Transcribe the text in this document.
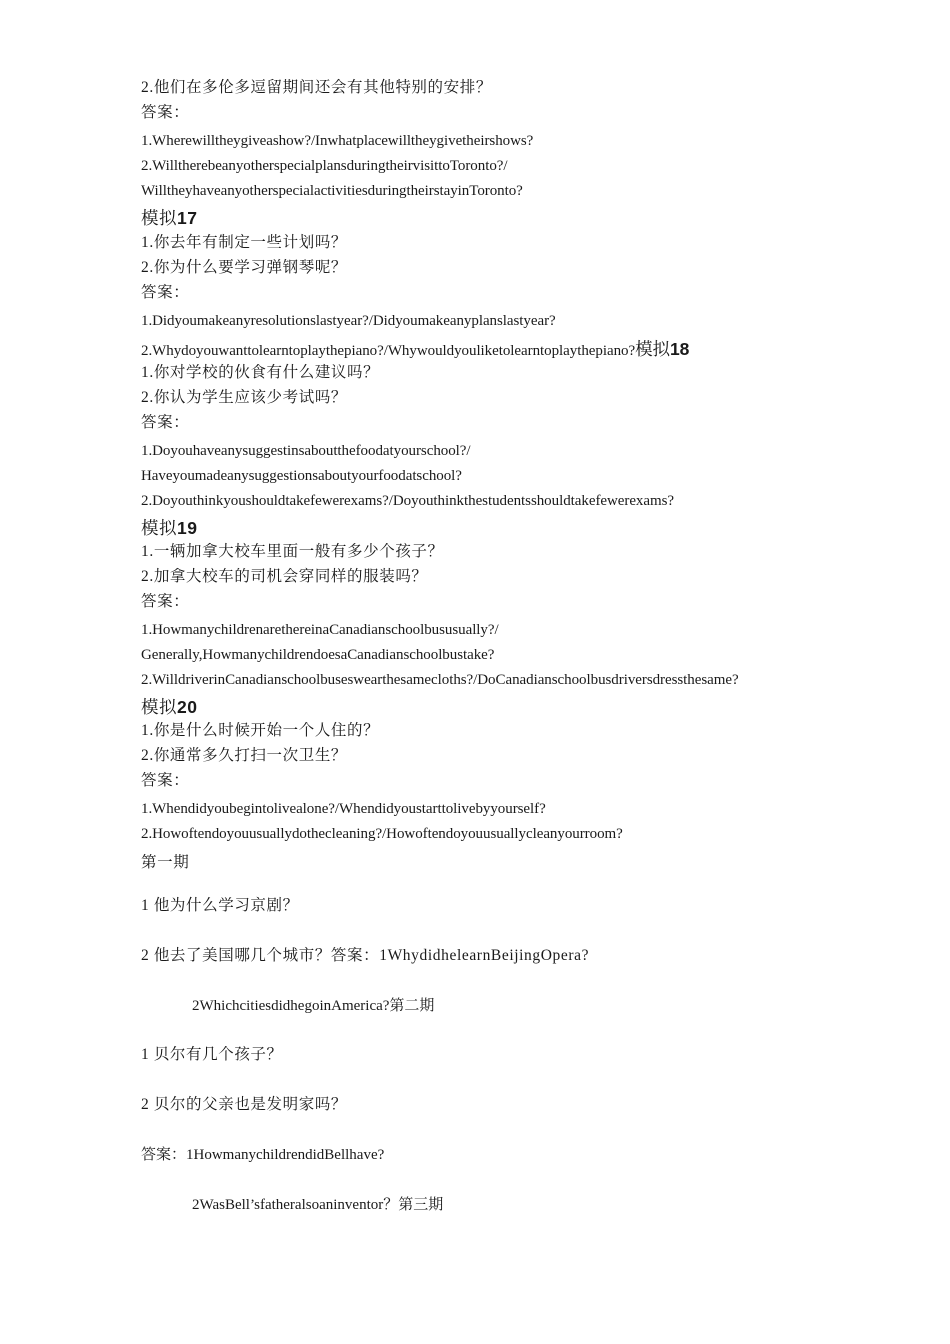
2.他们在多伦多逗留期间还会有其他特别的安排？
答案：
1.Wherewilltheygiveashow?/Inwhatplacewilltheygivetheirshows?
2.WilltherebeanyotherspecialplansduringtheirvisittoToronto?/
WilltheyhaveanyotherspecialactivitiesduringtheirstayinToronto?
模拟17
1.你去年有制定一些计划吗？
2.你为什么要学习弹钢琴呢？
答案：
1.Didyoumakeanyresolutionslastyear?/Didyoumakeanyplanslastyear?
2.Whydoyouwanttolearntoplaythepiano?/Whywouldyouliketolearntoplaythepiano?模拟18
1.你对学校的伙食有什么建议吗？
2.你认为学生应该少考试吗？
答案：
1.Doyouhaveanysuggestinsaboutthefoodatyourschool?/
Haveyoumadeanysuggestionsaboutyourfoodatschool?
2.Doyouthinkyoushouldtakefewerexams?/Doyouthinkthestudentsshouldtakefewerexams?
模拟19
1.一辆加拿大校车里面一般有多少个孩子？
2.加拿大校车的司机会穿同样的服装吗？
答案：
1.HowmanychildrenarethereinaCanadianschoolbususually?/
Generally,HowmanychildrendoesaCanadianschoolbustake?
2.WilldriverinCanadianschoolbuseswearthesamecloths?/DoCanadianschoolbusdriversdressthesame?
模拟20
1.你是什么时候开始一个人住的？
2.你通常多久打扫一次卫生？
答案：
1.Whendidyoubegintolivealone?/Whendidyoustarttolivebyyourself?
2.Howoftendoyouusuallydothecleaning?/Howoftendoyouusuallycleanyourroom?
第一期
1 他为什么学习京剧？
2 他去了美国哪几个城市？答案：1WhydidhelearnBeijingOpera?
2WhichcitiesdidhegoinAmerica?第二期
1 贝尔有几个孩子？
2 贝尔的父亲也是发明家吗？
答案：1HowmanychildrendidBellhave?
2WasBell’sfatheralsoaninventor？第三期
